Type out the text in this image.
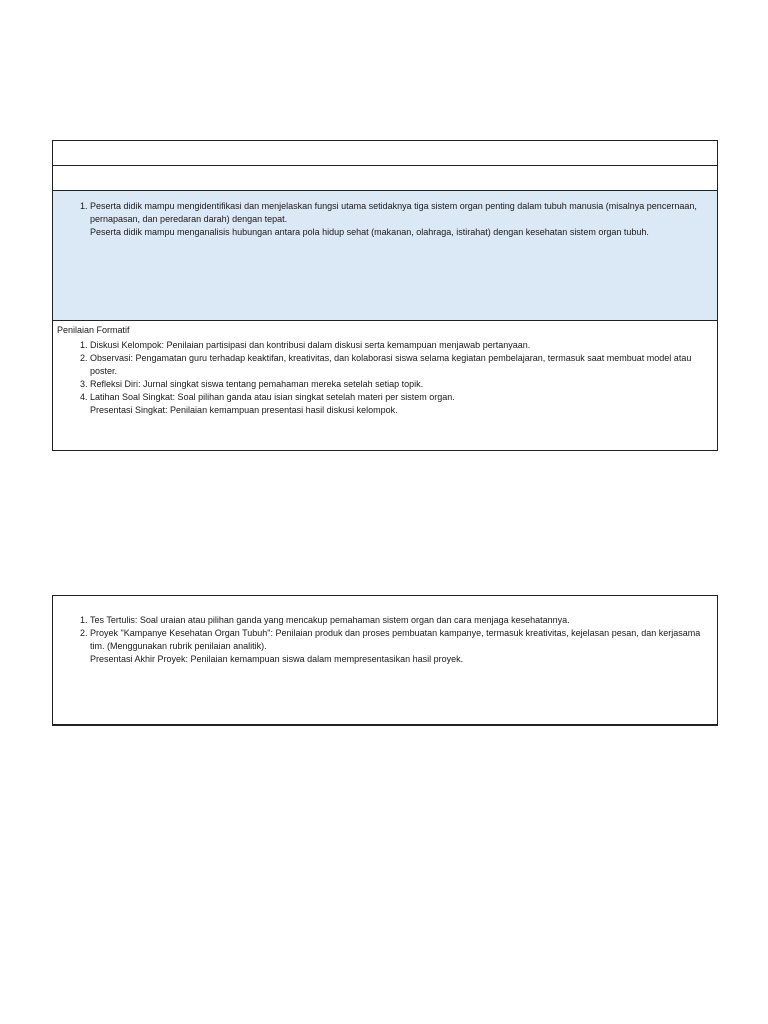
1. Peserta didik mampu mengidentifikasi dan menjelaskan fungsi utama setidaknya tiga sistem organ penting dalam tubuh manusia (misalnya pencernaan, pernapasan, dan peredaran darah) dengan tepat.
Peserta didik mampu menganalisis hubungan antara pola hidup sehat (makanan, olahraga, istirahat) dengan kesehatan sistem organ tubuh.
Penilaian Formatif
1. Diskusi Kelompok: Penilaian partisipasi dan kontribusi dalam diskusi serta kemampuan menjawab pertanyaan.
2. Observasi: Pengamatan guru terhadap keaktifan, kreativitas, dan kolaborasi siswa selama kegiatan pembelajaran, termasuk saat membuat model atau poster.
3. Refleksi Diri: Jurnal singkat siswa tentang pemahaman mereka setelah setiap topik.
4. Latihan Soal Singkat: Soal pilihan ganda atau isian singkat setelah materi per sistem organ.
Presentasi Singkat: Penilaian kemampuan presentasi hasil diskusi kelompok.
1. Tes Tertulis: Soal uraian atau pilihan ganda yang mencakup pemahaman sistem organ dan cara menjaga kesehatannya.
2. Proyek "Kampanye Kesehatan Organ Tubuh": Penilaian produk dan proses pembuatan kampanye, termasuk kreativitas, kejelasan pesan, dan kerjasama tim. (Menggunakan rubrik penilaian analitik).
Presentasi Akhir Proyek: Penilaian kemampuan siswa dalam mempresentasikan hasil proyek.
